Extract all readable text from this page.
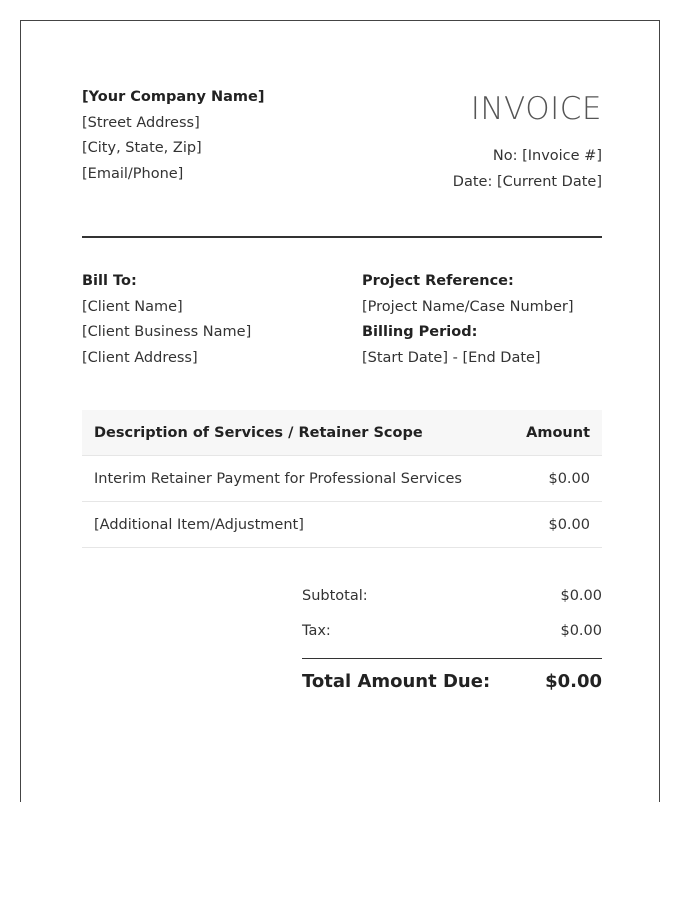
[Your Company Name]
[Street Address]
[City, State, Zip]
[Email/Phone]
INVOICE
No: [Invoice #]
Date: [Current Date]
Bill To:
[Client Name]
[Client Business Name]
[Client Address]
Project Reference:
[Project Name/Case Number]
Billing Period:
[Start Date] - [End Date]
Description of Services / Retainer Scope	Amount
Interim Retainer Payment for Professional Services	$0.00
[Additional Item/Adjustment]	$0.00
Subtotal:	$0.00
Tax:	$0.00
Total Amount Due:	$0.00
